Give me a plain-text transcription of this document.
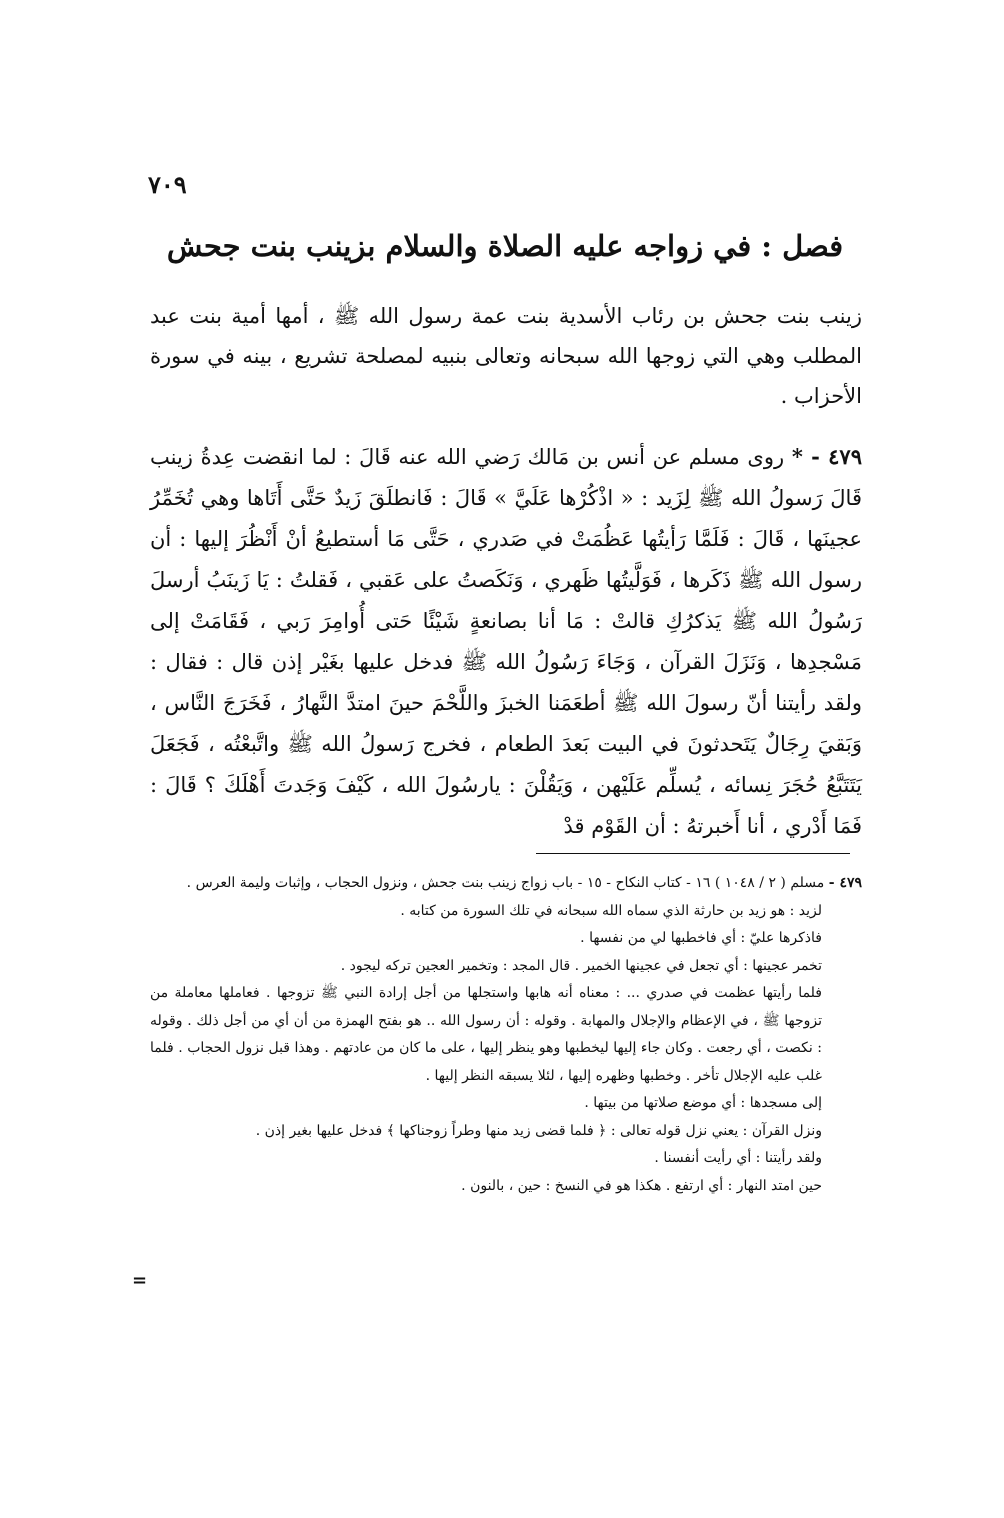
٧٠٩
فصل : في زواجه عليه الصلاة والسلام بزينب بنت جحش

زينب بنت جحش بن رئاب الأسدية بنت عمة رسول الله ﷺ ، أمها أمية بنت عبد المطلب وهي التي زوجها الله سبحانه وتعالى بنبيه لمصلحة تشريع ، بينه في سورة الأحزاب .

٤٧٩ - * روى مسلم عن أنس بن مَالك رَضي الله عنه قَالَ : لما انقضت عِدةُ زينب قَالَ رَسولُ الله ﷺ لِزَيد : « اذْكُرْها عَلَيَّ » قَالَ : فَانطلَقَ زَيدٌ حَتَّى أَتَاها وهي تُخَمِّرُ عجينَها ، قَالَ : فَلَمَّا رَأيتُها عَظُمَتْ في صَدري ، حَتَّى مَا أستطيعُ أنْ أَنْظُرَ إليها : أن رسول الله ﷺ ذَكَرها ، فَوَلَّيتُها ظَهري ، وَنَكَصتُ على عَقبي ، فَقلتُ : يَا زَينَبُ أرسلَ رَسُولُ الله ﷺ يَذكرُكِ قالتْ : مَا أنا بصانعةٍ شَيْئًا حَتى أُوامِرَ رَبي ، فَقَامَتْ إلى مَسْجدِها ، وَنَزَلَ القرآن ، وَجَاءَ رَسُولُ الله ﷺ فدخل عليها بغَيْر إذن قال : فقال : ولقد رأيتنا أنّ رسولَ الله ﷺ أطعَمَنا الخبزَ واللَّحْمَ حينَ امتدَّ النَّهارُ ، فَخَرَجَ النَّاس ، وَبَقيَ رِجَالٌ يَتَحدثونَ في البيت بَعدَ الطعام ، فخرج رَسولُ الله ﷺ واتَّبعْتُه ، فَجَعَلَ يَتَتَبَّعُ حُجَرَ نِسائه ، يُسلِّم عَلَيْهن ، وَيَقُلْنَ : يارسُولَ الله ، كَيْفَ وَجَدتَ أَهْلَكَ ؟ قَالَ : فَمَا أَدْري ، أنا أَخبرتهُ : أن القَوْم قدْ

٤٧٩ - مسلم ( ٢ / ١٠٤٨ ) ١٦ - كتاب النكاح - ١٥ - باب زواج زينب بنت جحش ، ونزول الحجاب ، وإثبات وليمة العرس .

لزيد : هو زيد بن حارثة الذي سماه الله سبحانه في تلك السورة من كتابه .

فاذكرها عليّ : أي فاخطبها لي من نفسها .

تخمر عجينها : أي تجعل في عجينها الخمير . قال المجد : وتخمير العجين تركه ليجود .

فلما رأيتها عظمت في صدري ... : معناه أنه هابها واستجلها من أجل إرادة النبي ﷺ تزوجها . فعاملها معاملة من تزوجها ﷺ ، في الإعظام والإجلال والمهابة . وقوله : أن رسول الله .. هو بفتح الهمزة من أن أي من أجل ذلك . وقوله : نكصت ، أي رجعت . وكان جاء إليها ليخطبها وهو ينظر إليها ، على ما كان من عادتهم . وهذا قبل نزول الحجاب . فلما غلب عليه الإجلال تأخر . وخطبها وظهره إليها ، لئلا يسبقه النظر إليها .

إلى مسجدها : أي موضع صلاتها من بيتها .

ونزل القرآن : يعني نزل قوله تعالى : ﴿ فلما قضى زيد منها وطراً زوجناكها ﴾ فدخل عليها بغير إذن .

ولقد رأيتنا : أي رأيت أنفسنا .

حين امتد النهار : أي ارتفع . هكذا هو في النسخ : حين ، بالنون .

=
